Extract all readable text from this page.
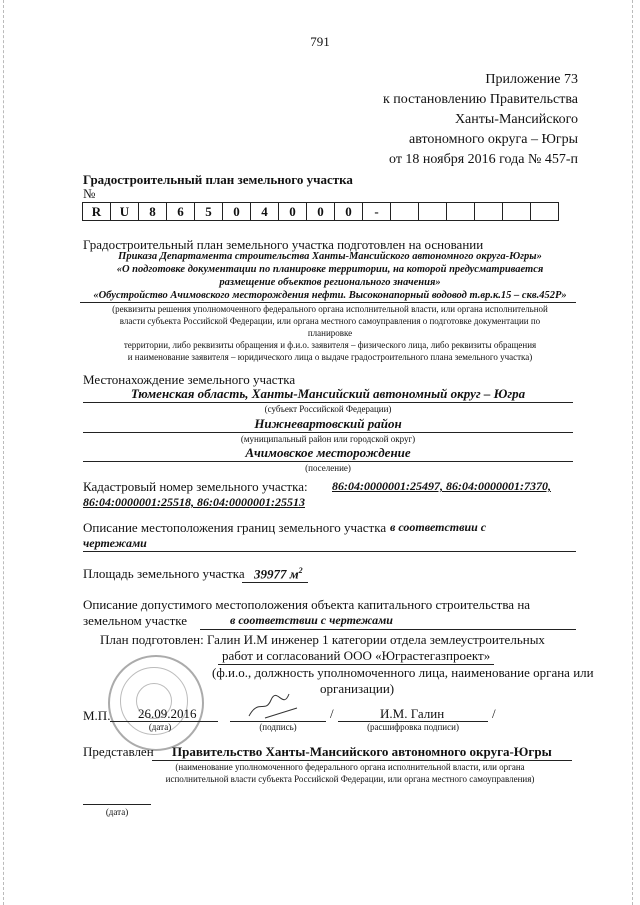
791
Приложение 73
к постановлению Правительства
Ханты-Мансийского
автономного округа – Югры
от 18 ноября 2016 года № 457-п
Градостроительный план земельного участка
№
R	U	8	6	5	0	4	0	0	0	-						
Градостроительный план земельного участка подготовлен на основании
Приказа Департамента строительства Ханты-Мансийского автономного округа-Югры»
«О подготовке документации по планировке территории, на которой предусматривается
размещение объектов регионального значения»
«Обустройство Ачимовского месторождения нефти. Высоконапорный водовод т.вр.к.15 – скв.452Р»
(реквизиты решения уполномоченного федерального органа исполнительной власти, или органа исполнительной
власти субъекта Российской Федерации, или органа местного самоуправления о подготовке документации по
планировке
территории, либо реквизиты обращения и ф.и.о. заявителя – физического лица, либо реквизиты обращения
и наименование заявителя – юридического лица о выдаче градостроительного плана земельного участка)
Местонахождение земельного участка
Тюменская область, Ханты-Мансийский автономный округ – Югра
(субъект Российской Федерации)
Нижневартовский район
(муниципальный район или городской округ)
Ачимовское месторождение
(поселение)
Кадастровый номер земельного участка: 86:04:0000001:25497, 86:04:0000001:7370,
86:04:0000001:25518, 86:04:0000001:25513
Описание местоположения границ земельного участка в соответствии с
чертежами
Площадь земельного участка 39977 $м^2$
Описание допустимого местоположения объекта капитального строительства на
земельном участке	в соответствии с чертежами
План подготовлен: Галин И.М инженер 1 категории отдела землеустроительных
работ и согласований ООО «Юграстегазпроект»
(ф.и.о., должность уполномоченного лица, наименование органа или
организации)
М.П. 26.09.2016
(дата)	(подпись)
/	И.М. Галин
(расшифровка подписи)
/
Представлен Правительство Ханты-Мансийского автономного округа-Югры
(наименование уполномоченного федерального органа исполнительной власти, или органа
исполнительной власти субъекта Российской Федерации, или органа местного самоуправления)
(дата)
